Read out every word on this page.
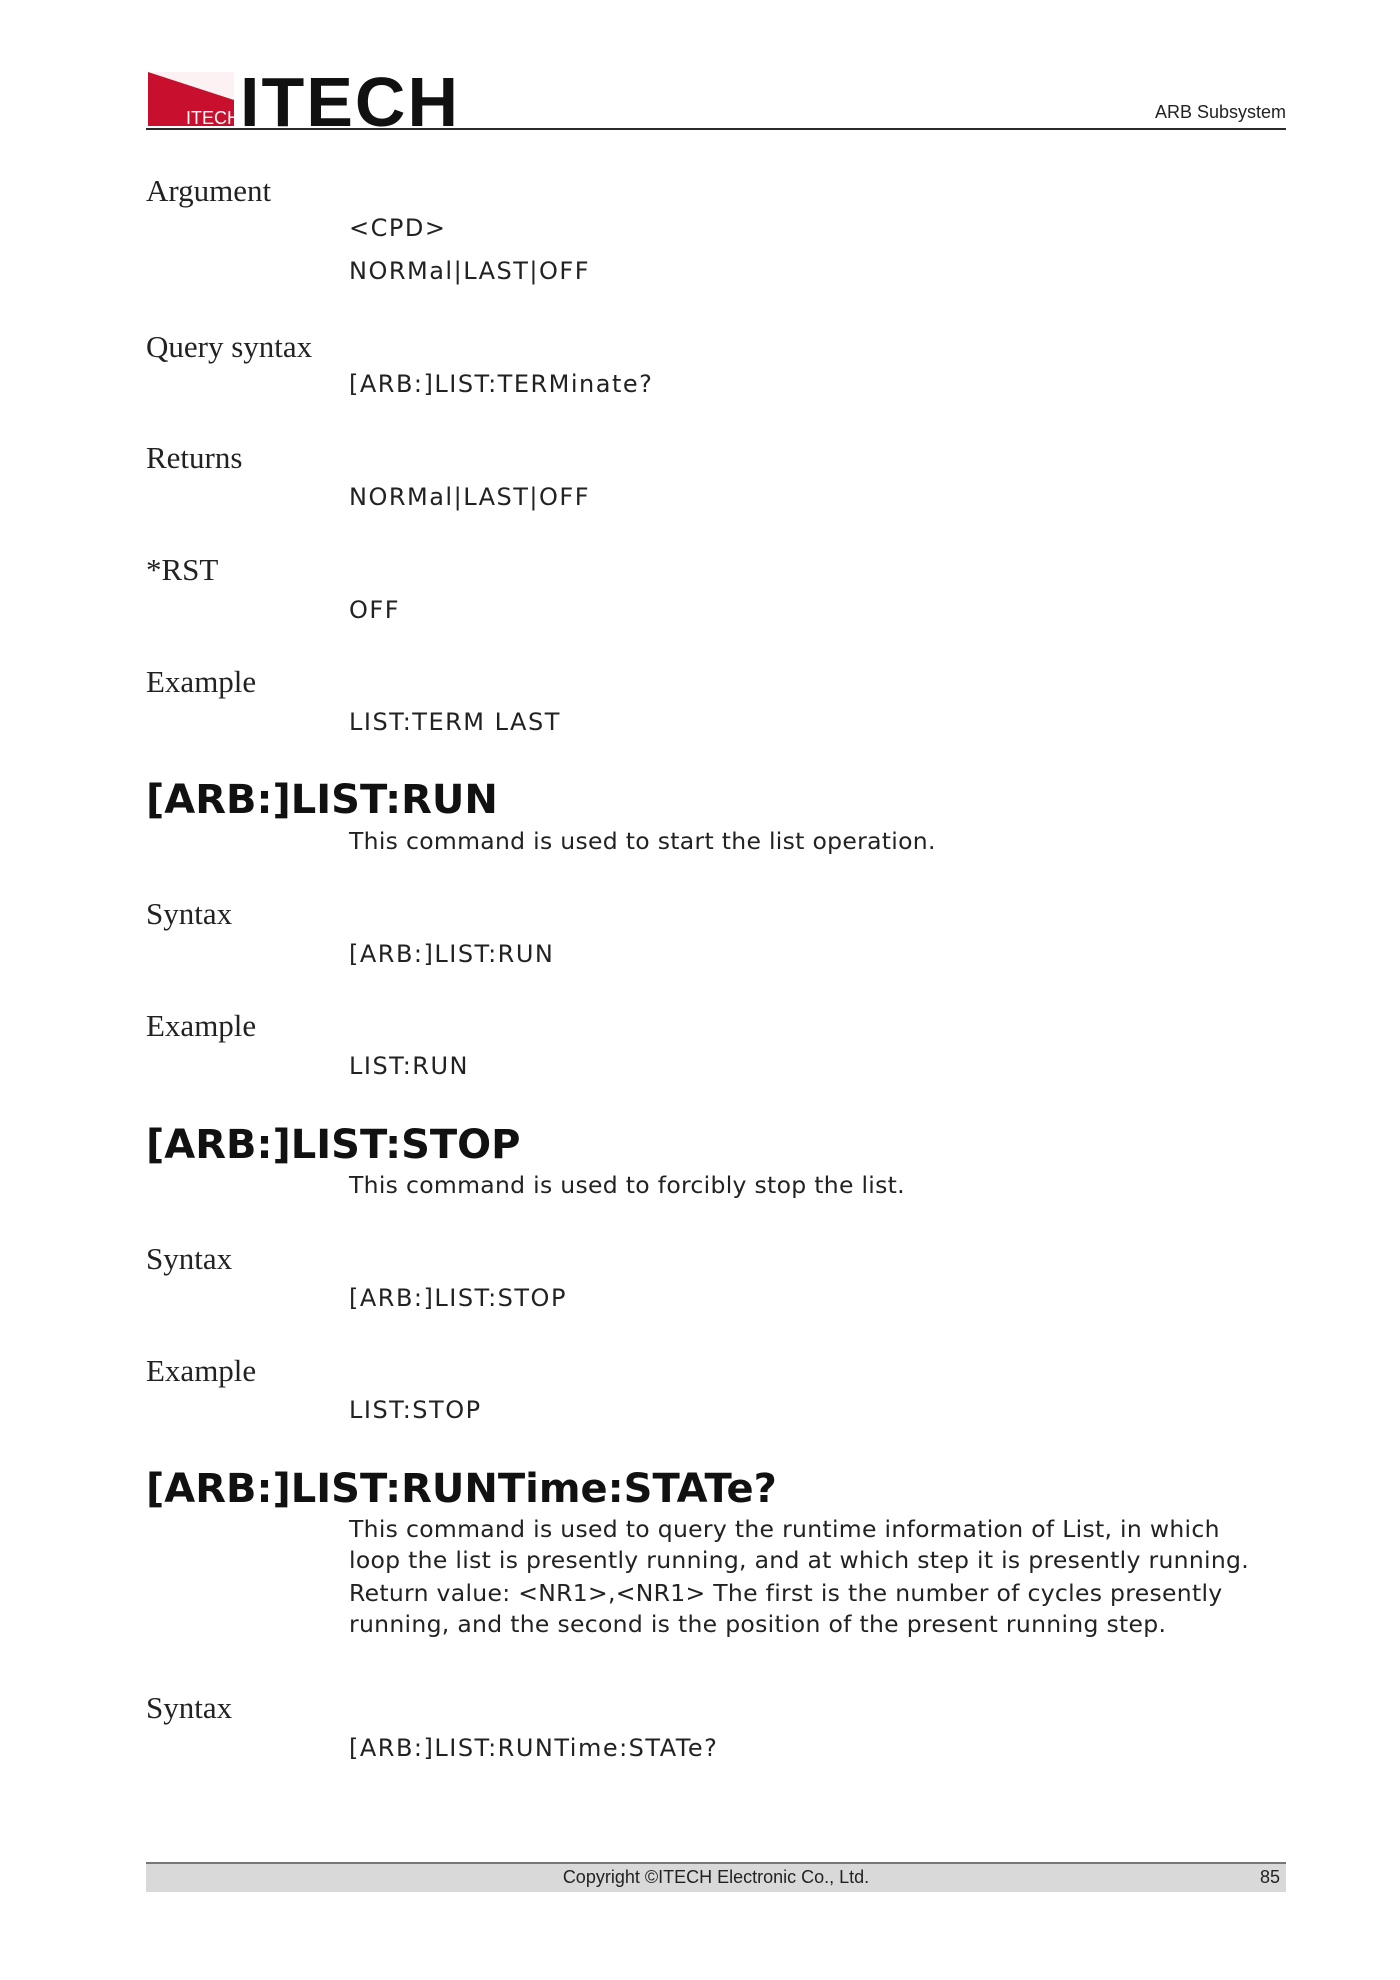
ITECH ITECH	ARB Subsystem

Argument

<CPD>
NORMal|LAST|OFF

Query syntax

[ARB:]LIST:TERMinate?

Returns

NORMal|LAST|OFF

*RST

OFF

Example

LIST:TERM LAST
[ARB:]LIST:RUN
This command is used to start the list operation.

Syntax

[ARB:]LIST:RUN

Example

LIST:RUN
[ARB:]LIST:STOP
This command is used to forcibly stop the list.

Syntax

[ARB:]LIST:STOP

Example

LIST:STOP
[ARB:]LIST:RUNTime:STATe?
This command is used to query the runtime information of List, in which loop the list is presently running, and at which step it is presently running.
Return value: <NR1>,<NR1> The first is the number of cycles presently running, and the second is the position of the present running step.

Syntax

[ARB:]LIST:RUNTime:STATe?
Copyright ©ITECH Electronic Co., Ltd.	85
